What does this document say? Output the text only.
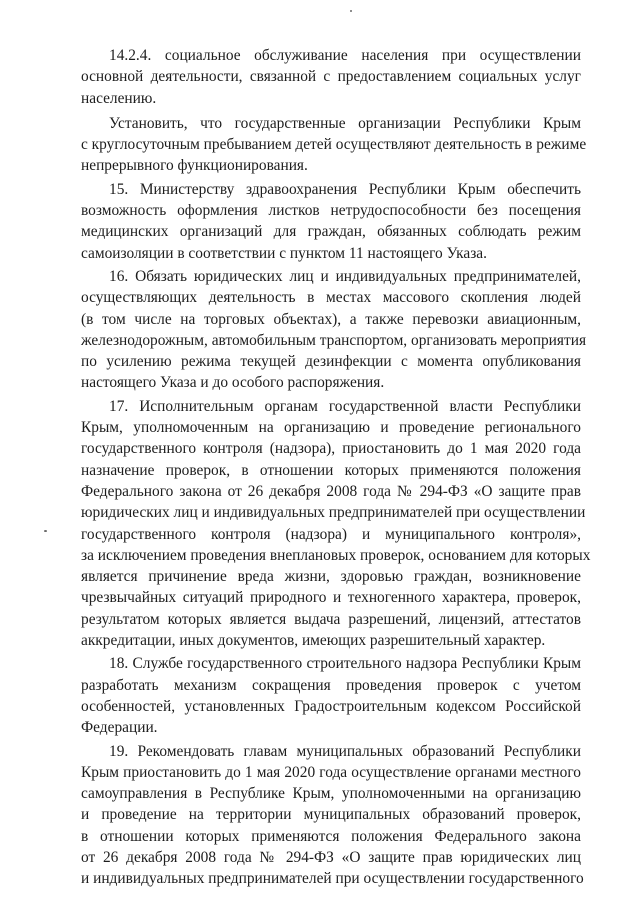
14.2.4. социальное обслуживание населения при осуществлении
основной деятельности, связанной с предоставлением социальных услуг
населению.
Установить, что государственные организации Республики Крым
с круглосуточным пребыванием детей осуществляют деятельность в режиме
непрерывного функционирования.
15. Министерству здравоохранения Республики Крым обеспечить
возможность оформления листков нетрудоспособности без посещения
медицинских организаций для граждан, обязанных соблюдать режим
самоизоляции в соответствии с пунктом 11 настоящего Указа.
16. Обязать юридических лиц и индивидуальных предпринимателей,
осуществляющих деятельность в местах массового скопления людей
(в том числе на торговых объектах), а также перевозки авиационным,
железнодорожным, автомобильным транспортом, организовать мероприятия
по усилению режима текущей дезинфекции с момента опубликования
настоящего Указа и до особого распоряжения.
17. Исполнительным органам государственной власти Республики
Крым, уполномоченным на организацию и проведение регионального
государственного контроля (надзора), приостановить до 1 мая 2020 года
назначение проверок, в отношении которых применяются положения
Федерального закона от 26 декабря 2008 года № 294-ФЗ «О защите прав
юридических лиц и индивидуальных предпринимателей при осуществлении
государственного контроля (надзора) и муниципального контроля»,
за исключением проведения внеплановых проверок, основанием для которых
является причинение вреда жизни, здоровью граждан, возникновение
чрезвычайных ситуаций природного и техногенного характера, проверок,
результатом которых является выдача разрешений, лицензий, аттестатов
аккредитации, иных документов, имеющих разрешительный характер.
18. Службе государственного строительного надзора Республики Крым
разработать механизм сокращения проведения проверок с учетом
особенностей, установленных Градостроительным кодексом Российской
Федерации.
19. Рекомендовать главам муниципальных образований Республики
Крым приостановить до 1 мая 2020 года осуществление органами местного
самоуправления в Республике Крым, уполномоченными на организацию
и проведение на территории муниципальных образований проверок,
в отношении которых применяются положения Федерального закона
от 26 декабря 2008 года № 294-ФЗ «О защите прав юридических лиц
и индивидуальных предпринимателей при осуществлении государственного
